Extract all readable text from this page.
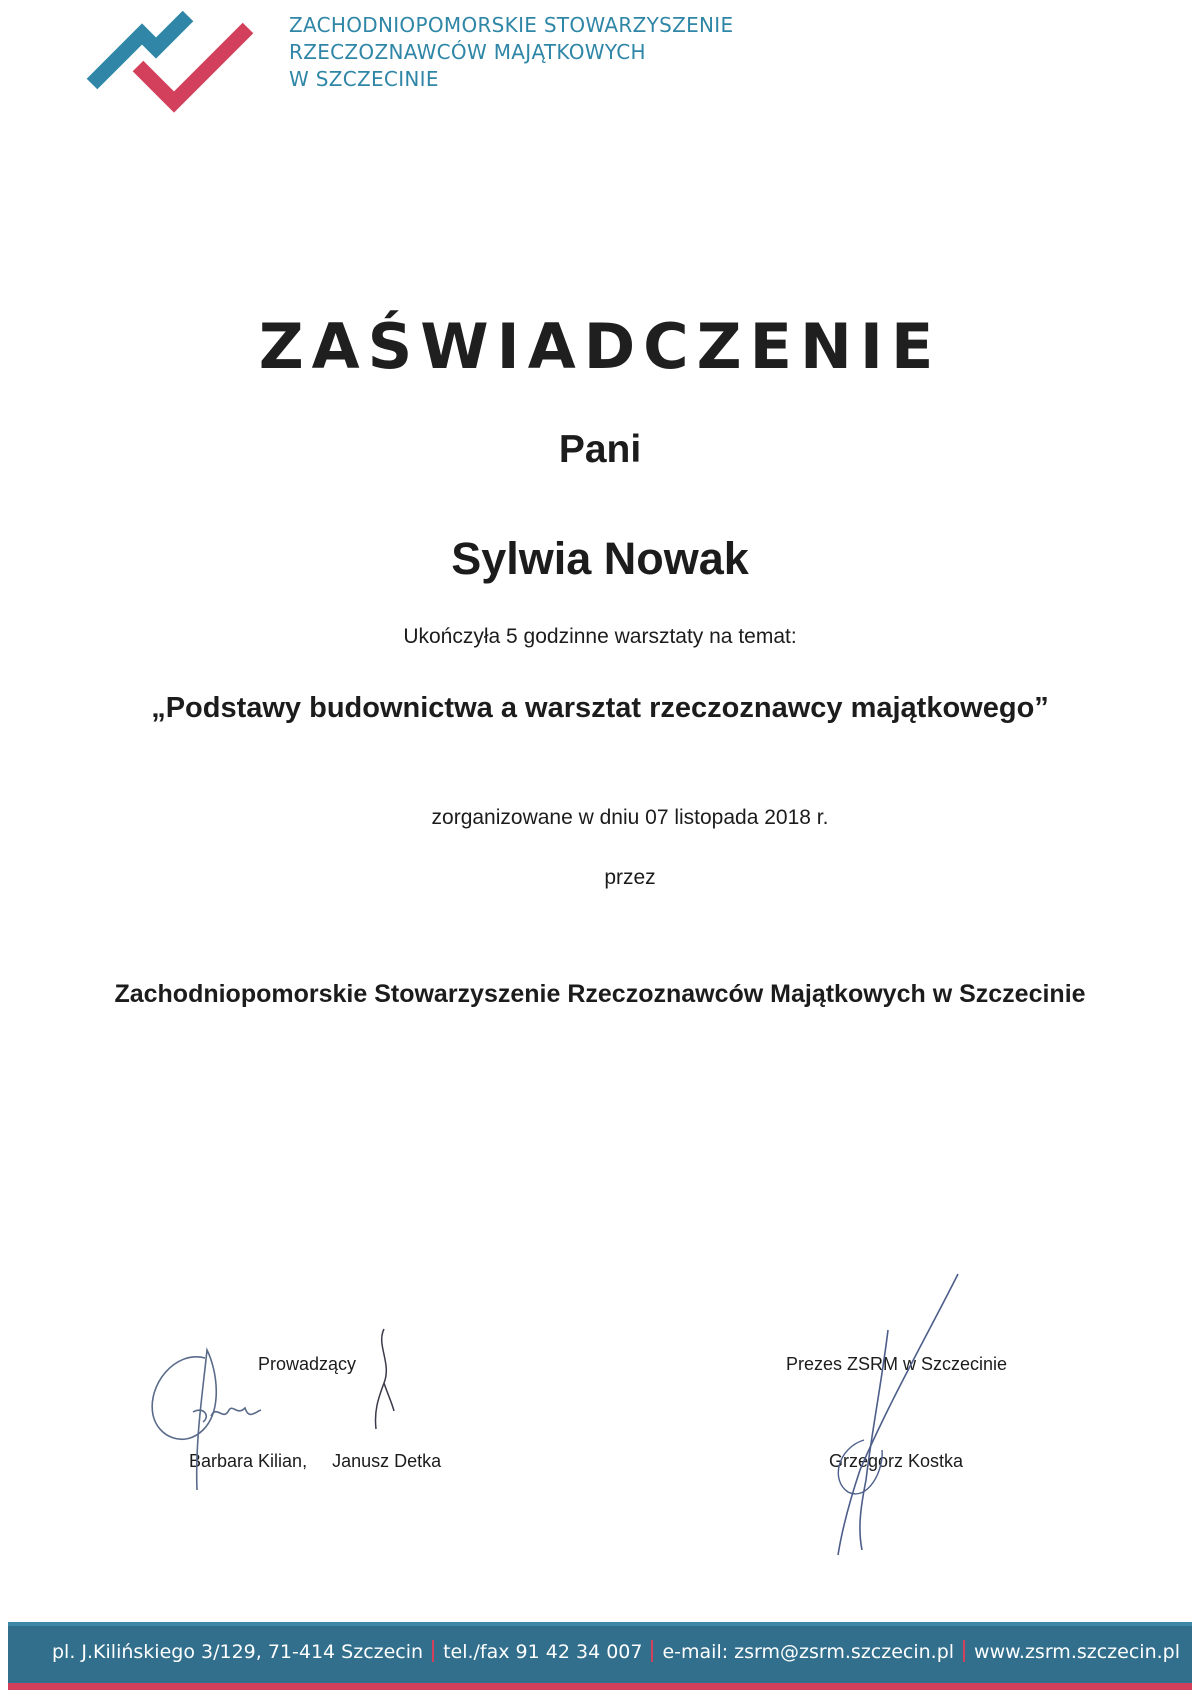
ZACHODNIOPOMORSKIE STOWARZYSZENIE
RZECZOZNAWCÓW MAJĄTKOWYCH
W SZCZECINIE
ZAŚWIADCZENIE
Pani
Sylwia Nowak
Ukończyła 5 godzinne warsztaty na temat:
„Podstawy budownictwa a warsztat rzeczoznawcy majątkowego”
zorganizowane w dniu 07 listopada 2018 r.
przez
Zachodniopomorskie Stowarzyszenie Rzeczoznawców Majątkowych w Szczecinie
Prowadzący
Barbara Kilian, Janusz Detka
Prezes ZSRM w Szczecinie
Grzegorz Kostka
pl. J.Kilińskiego 3/129, 71-414 Szczecin tel./fax 91 42 34 007 e-mail: zsrm@zsrm.szczecin.pl www.zsrm.szczecin.pl
